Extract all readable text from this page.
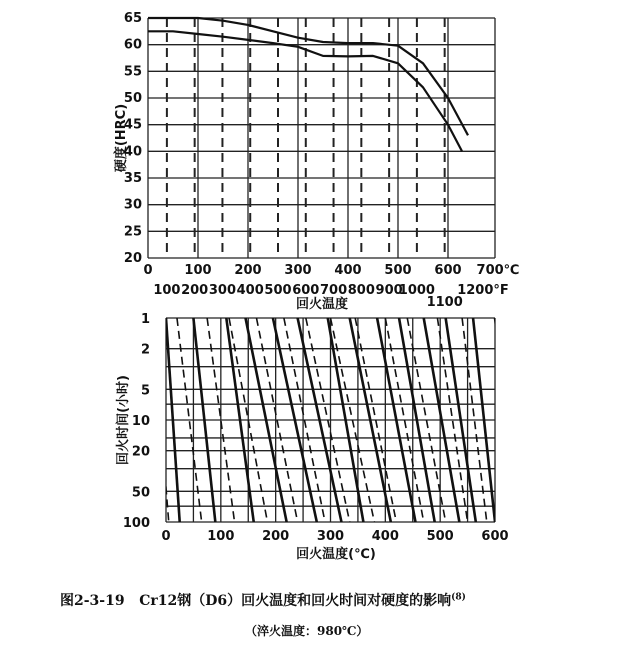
20
25
30
35
40
45
50
55
60
65
0 100 200 300 400 500 600 700℃
100 200 300 400 500 600 700 800 900
1000
1100
1200°F
硬度(HRC)
回火温度
1
2
5
10
20
50
100
0	100 200 300 400 500 600
回火时间(小时)
回火温度(℃)
图2-3-19 Cr12钢（D6）回火温度和回火时间对硬度的影响$^{(8)}$
（淬火温度：980℃）
